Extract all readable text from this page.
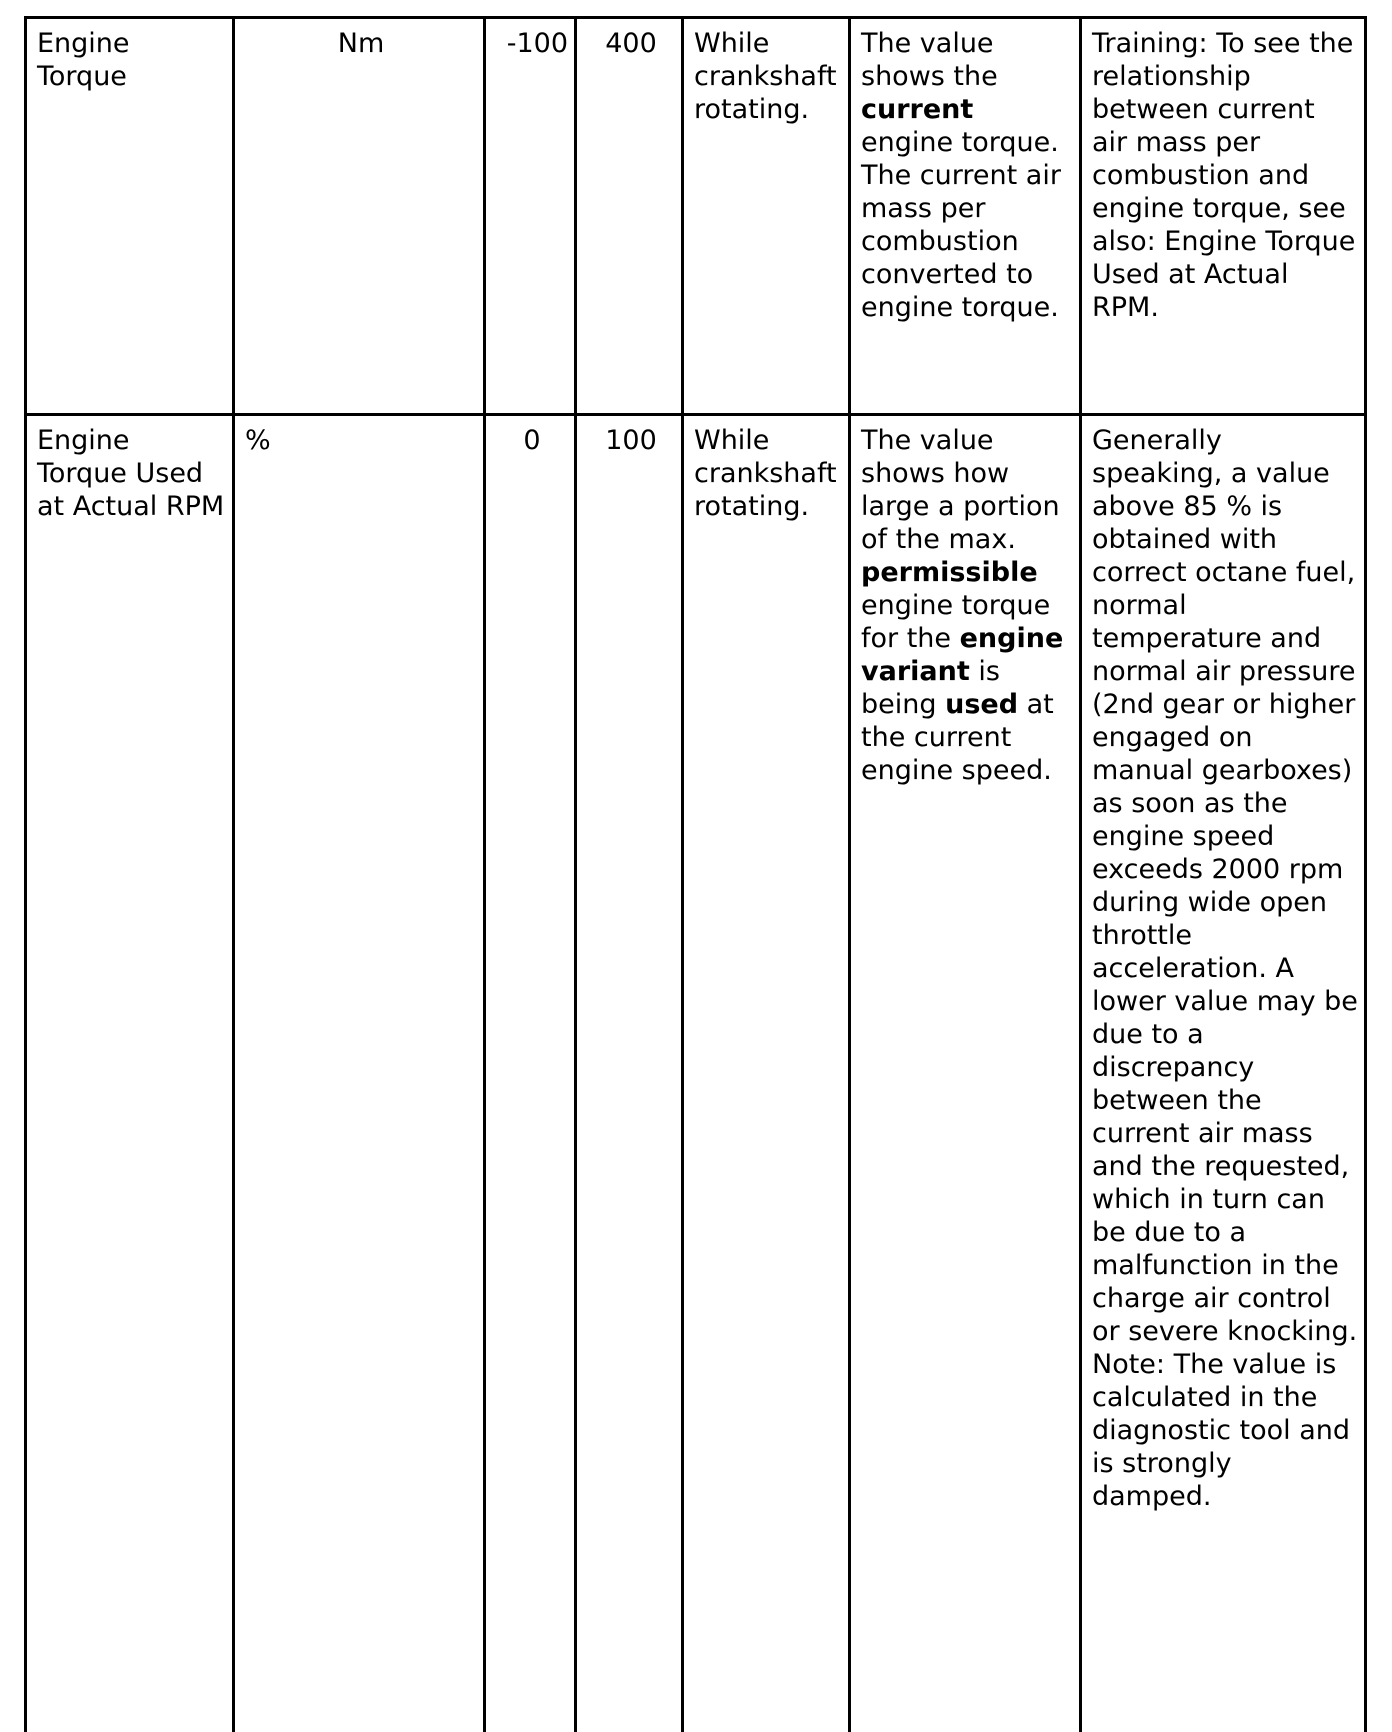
Engine Torque	Nm	-100	400	While crankshaft rotating.	The value shows the current engine torque. The current air mass per combustion converted to engine torque.	Training: To see the relationship between current air mass per combustion and engine torque, see also: Engine Torque Used at Actual RPM.
Engine Torque Used at Actual RPM	%	0	100	While crankshaft rotating.	The value shows how large a portion of the max. permissible engine torque for the engine variant is being used at the current engine speed.	Generally speaking, a value above 85 % is obtained with correct octane fuel, normal temperature and normal air pressure (2nd gear or higher engaged on manual gearboxes) as soon as the engine speed exceeds 2000 rpm during wide open throttle acceleration. A lower value may be due to a discrepancy between the current air mass and the requested, which in turn can be due to a malfunction in the charge air control or severe knocking. Note: The value is calculated in the diagnostic tool and is strongly damped.
